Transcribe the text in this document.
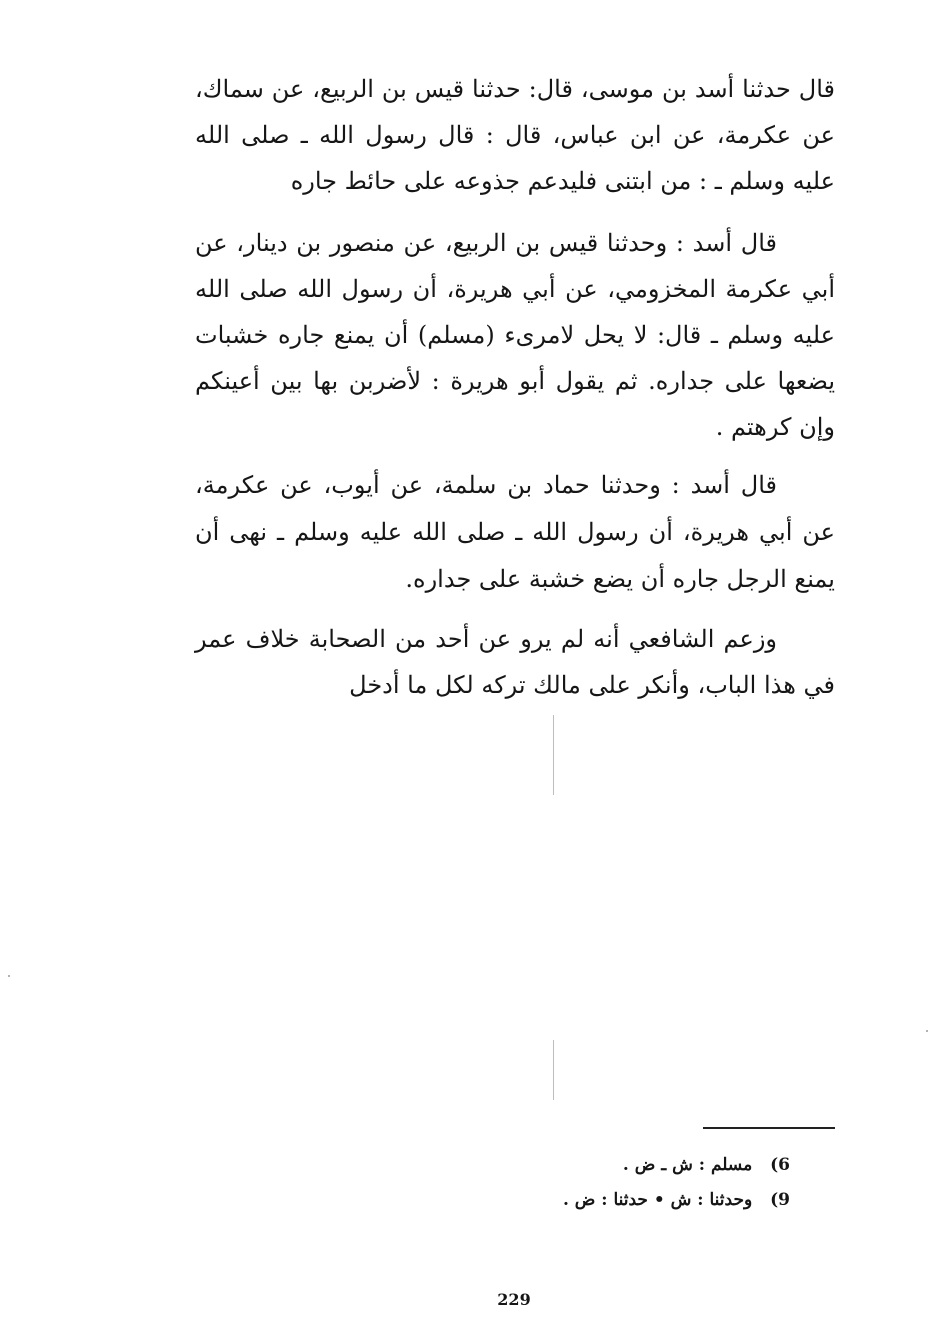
قال حدثنا أسد بن موسى، قال: حدثنا قيس بن الربيع، عن سماك، عن عكرمة، عن ابن عباس، قال : قال رسول الله ـ صلى الله عليه وسلم ـ : من ابتنى فليدعم جذوعه على حائط جاره

قال أسد : وحدثنا قيس بن الربيع، عن منصور بن دينار، عن أبي عكرمة المخزومي، عن أبي هريرة، أن رسول الله صلى الله عليه وسلم ـ قال: لا يحل لامرىء (مسلم) أن يمنع جاره خشبات يضعها على جداره. ثم يقول أبو هريرة : لأضربن بها بين أعينكم وإن كرهتم .

قال أسد : وحدثنا حماد بن سلمة، عن أيوب، عن عكرمة، عن أبي هريرة، أن رسول الله ـ صلى الله عليه وسلم ـ نهى أن يمنع الرجل جاره أن يضع خشبة على جداره.

وزعم الشافعي أنه لم يرو عن أحد من الصحابة خلاف عمر في هذا الباب، وأنكر على مالك تركه لكل ما أدخل

6) مسلم : ش ـ ض .
9) وحدثنا : ش • حدثنا : ض .
229
